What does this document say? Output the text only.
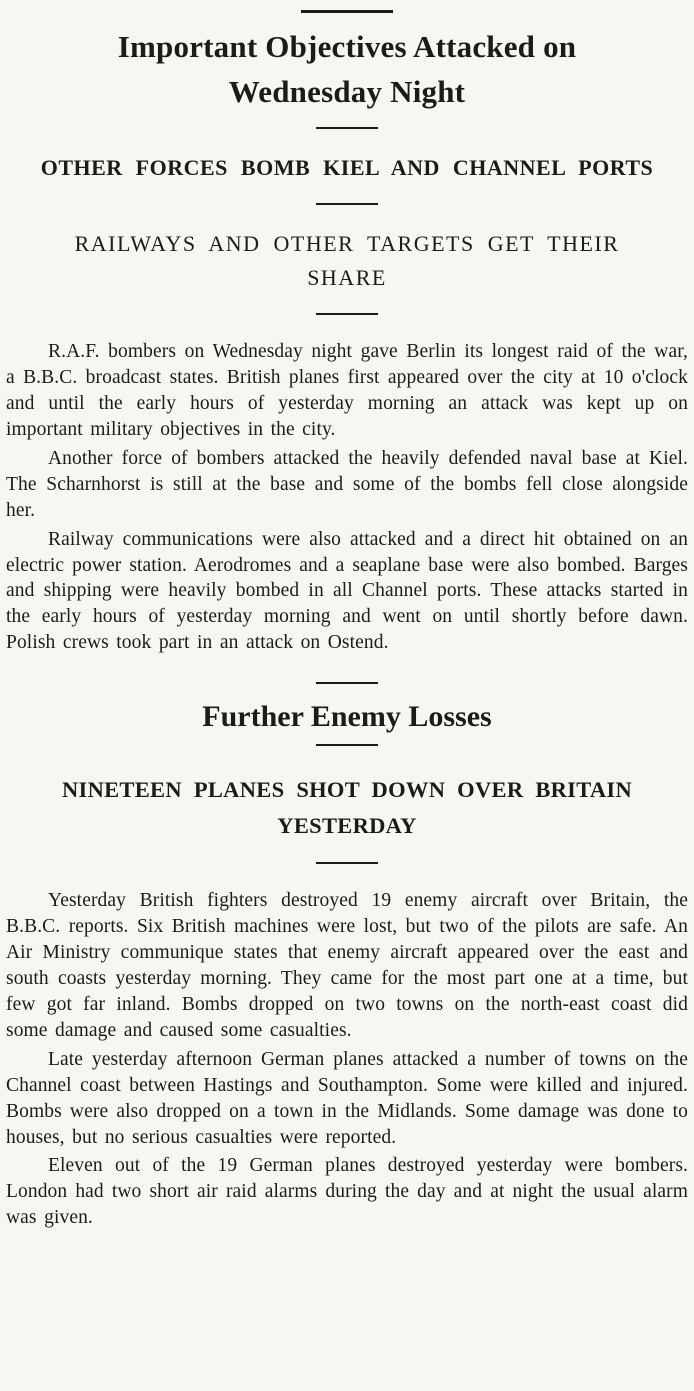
Important Objectives Attacked on Wednesday Night
OTHER FORCES BOMB KIEL AND CHANNEL PORTS
RAILWAYS AND OTHER TARGETS GET THEIR SHARE

R.A.F. bombers on Wednesday night gave Berlin its longest raid of the war, a B.B.C. broadcast states. British planes first appeared over the city at 10 o'clock and until the early hours of yesterday morning an attack was kept up on important military objectives in the city.

Another force of bombers attacked the heavily defended naval base at Kiel. The Scharnhorst is still at the base and some of the bombs fell close alongside her.

Railway communications were also attacked and a direct hit obtained on an electric power station. Aerodromes and a seaplane base were also bombed. Barges and shipping were heavily bombed in all Channel ports. These attacks started in the early hours of yesterday morning and went on until shortly before dawn. Polish crews took part in an attack on Ostend.

Further Enemy Losses
NINETEEN PLANES SHOT DOWN OVER BRITAIN YESTERDAY

Yesterday British fighters destroyed 19 enemy aircraft over Britain, the B.B.C. reports. Six British machines were lost, but two of the pilots are safe. An Air Ministry communique states that enemy aircraft appeared over the east and south coasts yesterday morning. They came for the most part one at a time, but few got far inland. Bombs dropped on two towns on the north-east coast did some damage and caused some casualties.

Late yesterday afternoon German planes attacked a number of towns on the Channel coast between Hastings and Southampton. Some were killed and injured. Bombs were also dropped on a town in the Midlands. Some damage was done to houses, but no serious casualties were reported.

Eleven out of the 19 German planes destroyed yesterday were bombers. London had two short air raid alarms during the day and at night the usual alarm was given.
